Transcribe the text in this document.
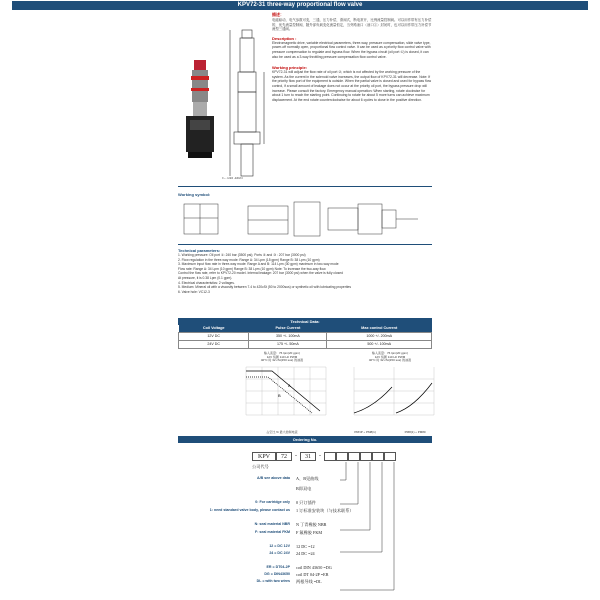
KPV72-31 three-way proportional flow valve
¾ - 1/16 -16UN
描述：
电磁驱动，电气参数可变，三通，压力补偿，滑阀式，断电常开，比例流量控制阀。可以用作带有压力补偿的，优先流量控制阀，随外部负载变化流量恒定，当旁路油口（油口①）封闭时，也可以用作带压力补偿节流型三通阀。
Description :
Electromagnetic drive, variable electrical parameters, three-way, pressure compensation, slide valve type, power-off normally open, proportional flow control valve. It can be used as a priority flow control valve with pressure compensation to regulate and bypass flow. When the bypass circuit (oil port ①) is closed, it can also be used as a 3-way throttling pressure compensation flow control valve.
Working principle:
KPV72-31 will adjust the flow rate of oil port ②, which is not affected by the working pressure of the system. As the current in the solenoid valve increases, the output flow of KPV72-31 will decrease. Note: If the priority flow port of the equipment is outside. When the partial valve is closed and used for bypass flow control, if a small amount of leakage does not occur at the priority oil port, the bypass pressure drop will increase. Please consult the factory. Emergency manual operation: When starting, rotate clockwise for about 1 turn to reach the starting point. Continuing to rotate for about 5 more turns can achieve maximum displacement. At the end rotate counterclockwise for about 6 cycles to close in the positive direction.
Working symbol:
Technical parameters:
1. Working pressure: Oil port ①: 240 bar (3500 psi); Ports ② and ③ : 207 bar (3000 psi)
2. Flow regulation in the three-way mode: Range A: 34 Lpm (15 gpm) Range B: 38 Lpm (10 gpm)
3. Maximum input flow rate in three-way mode: Range A and B: 114 Lpm (30 gpm) maximum in two-way mode
Flow rate: Range A: 34 Lpm (10 gpm) Range B: 38 Lpm (10 gpm) Note: To increase the two-way flow.
Control the flow rate, refer to KPV72-20 model. Internal leakage: 207 bar (3000 psi) when the valve is fully closed
At pressure, it is 0.38 Lpm (0.1 gpm).
4. Electrical characteristics: 2 voltages.
5. Medium: Mineral oil with a viscosity between 7.4 to 420cSt (50 to 2000sus) or synthetic oil with lubricating properties
6. Valve hole: VC12-3
Technical Data:
Coil Voltage	Pulse Current	Max control Current
12V DC	350 +/- 100mA	1000 +/- 200mA
24V DC	175 +/- 50mA	500 +/- 100mA
输入流量：76 lpm(20 gpm)
12V 线圈 110 Hz PWM
40°C 时 32 cSt(150 sus) 的油液
A
B
占空比 % 最大控制电流
输入流量：76 lpm(20 gpm)
12V 线圈 110 Hz PWM
40°C 时 32 cSt(150 sus) 的油液
PRNP ÷ PM8(1)	PM8(1) ÷ PM80
Ordering No.
KPV	72	-	31	-
公司代号
A/B see above data A、B见曲线
B即双电
0: For cartridge only 0 只订插件
1: need standard valve body, please contact us 1 订标准安装块（与技术联系）
N: seal material NBR N 丁青橡胶 NBR
F: seal material FKM F 氟橡胶 FKM
12 = DC 12V 12 DC =12
24 = DC 24V 24 DC =24
ER = DT04-2P coil DIN 43650 =DG
DG = DIN43650 coil DT 04-2P =ER
DL = with two wires 两根导线 =DL
